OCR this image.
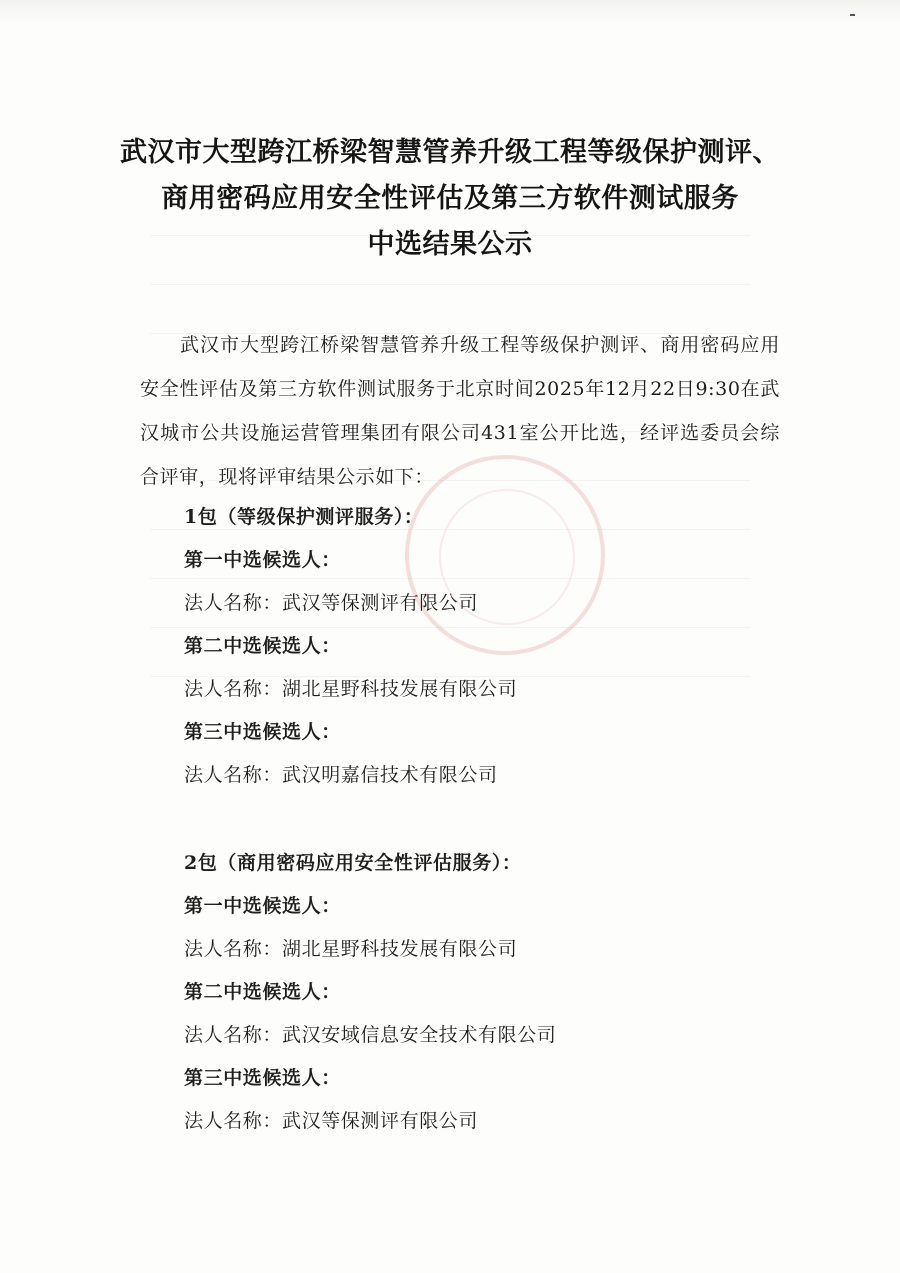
武汉市大型跨江桥梁智慧管养升级工程等级保护测评、
商用密码应用安全性评估及第三方软件测试服务
中选结果公示

武汉市大型跨江桥梁智慧管养升级工程等级保护测评、商用密码应用安全性评估及第三方软件测试服务于北京时间2025年12月22日9:30在武汉城市公共设施运营管理集团有限公司431室公开比选，经评选委员会综合评审，现将评审结果公示如下：

1包（等级保护测评服务）：
第一中选候选人：
法人名称：武汉等保测评有限公司
第二中选候选人：
法人名称：湖北星野科技发展有限公司
第三中选候选人：
法人名称：武汉明嘉信技术有限公司
2包（商用密码应用安全性评估服务）：
第一中选候选人：
法人名称：湖北星野科技发展有限公司
第二中选候选人：
法人名称：武汉安域信息安全技术有限公司
第三中选候选人：
法人名称：武汉等保测评有限公司
